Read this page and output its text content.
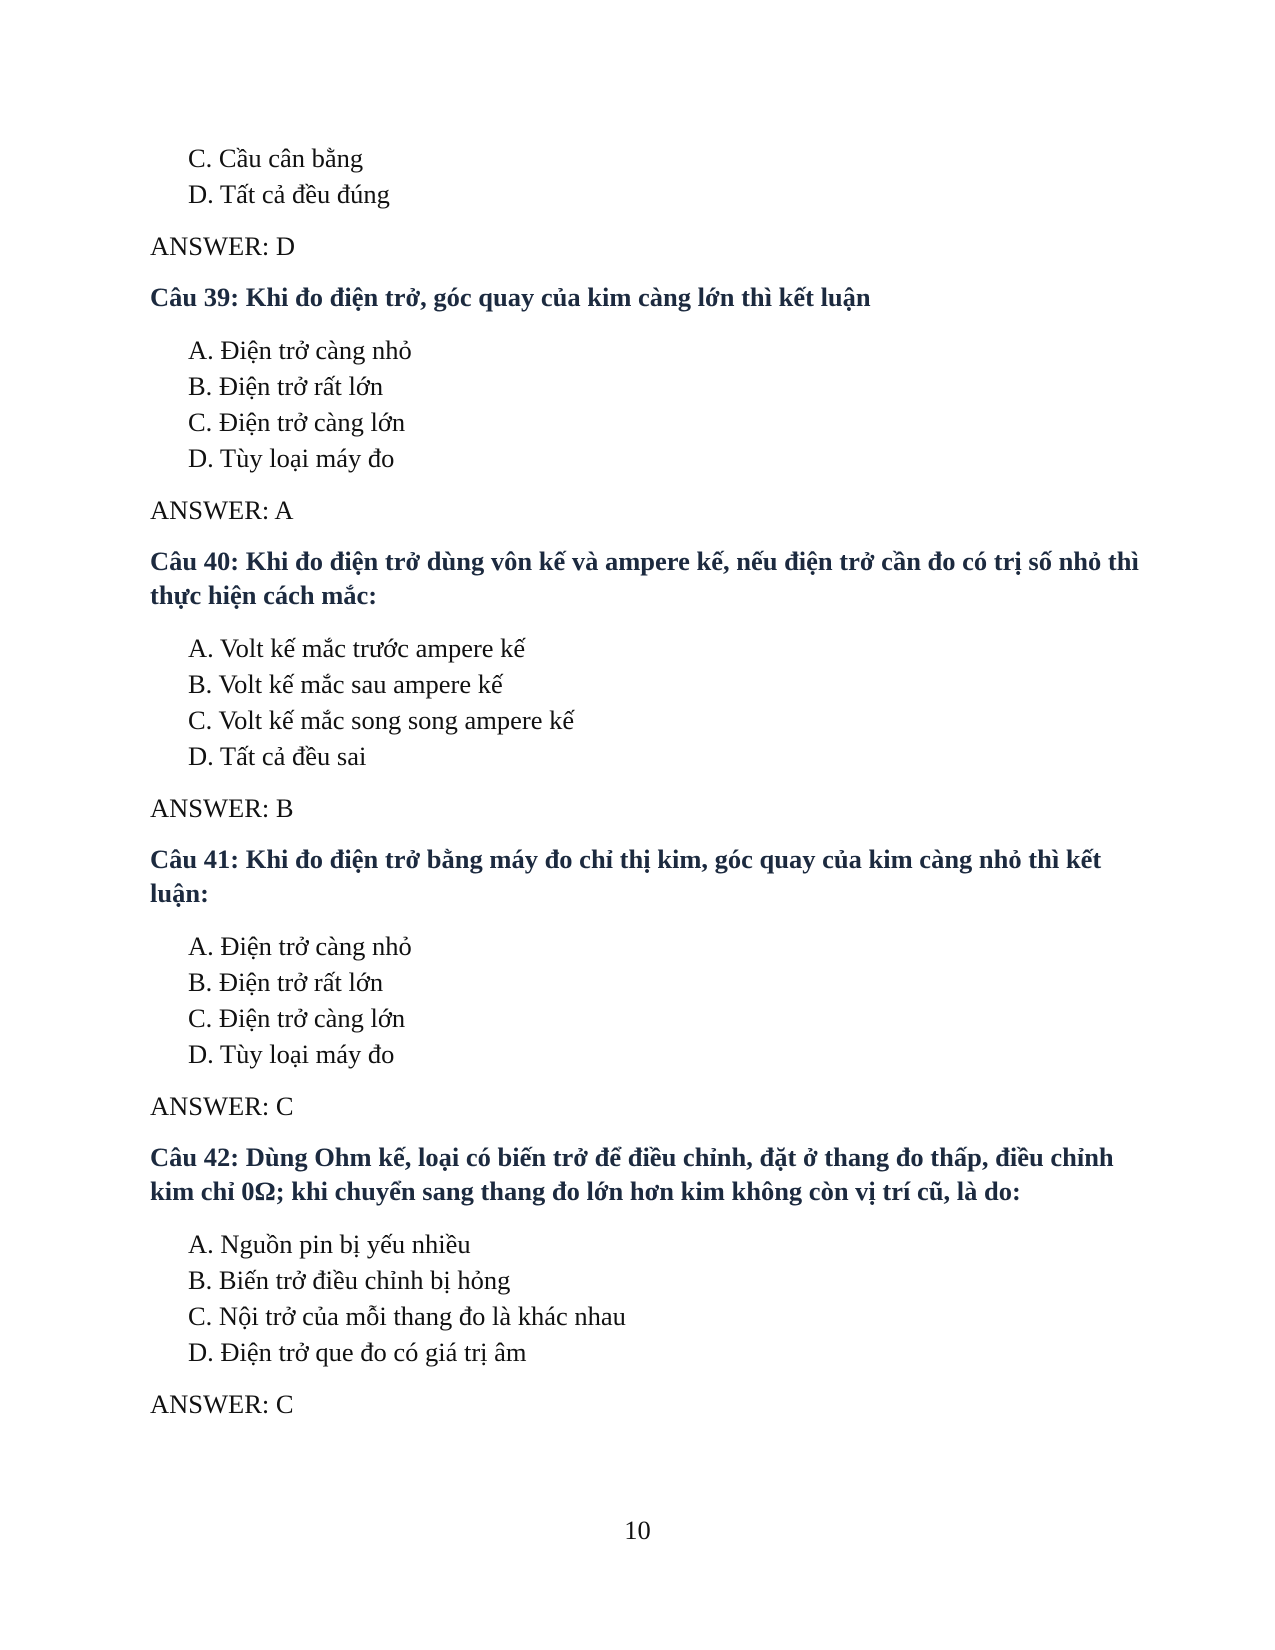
C. Cầu cân bằng
D. Tất cả đều đúng
ANSWER: D
Câu 39: Khi đo điện trở, góc quay của kim càng lớn thì kết luận
A. Điện trở càng nhỏ
B. Điện trở rất lớn
C. Điện trở càng lớn
D. Tùy loại máy đo
ANSWER: A
Câu 40: Khi đo điện trở dùng vôn kế và ampere kế, nếu điện trở cần đo có trị số nhỏ thì thực hiện cách mắc:
A. Volt kế mắc trước ampere kế
B. Volt kế mắc sau ampere kế
C. Volt kế mắc song song ampere kế
D. Tất cả đều sai
ANSWER: B
Câu 41: Khi đo điện trở bằng máy đo chỉ thị kim, góc quay của kim càng nhỏ thì kết luận:
A. Điện trở càng nhỏ
B. Điện trở rất lớn
C. Điện trở càng lớn
D. Tùy loại máy đo
ANSWER: C
Câu 42: Dùng Ohm kế, loại có biến trở để điều chỉnh, đặt ở thang đo thấp, điều chỉnh kim chỉ 0Ω; khi chuyển sang thang đo lớn hơn kim không còn vị trí cũ, là do:
A. Nguồn pin bị yếu nhiều
B. Biến trở điều chỉnh bị hỏng
C. Nội trở của mỗi thang đo là khác nhau
D. Điện trở que đo có giá trị âm
ANSWER: C
10
